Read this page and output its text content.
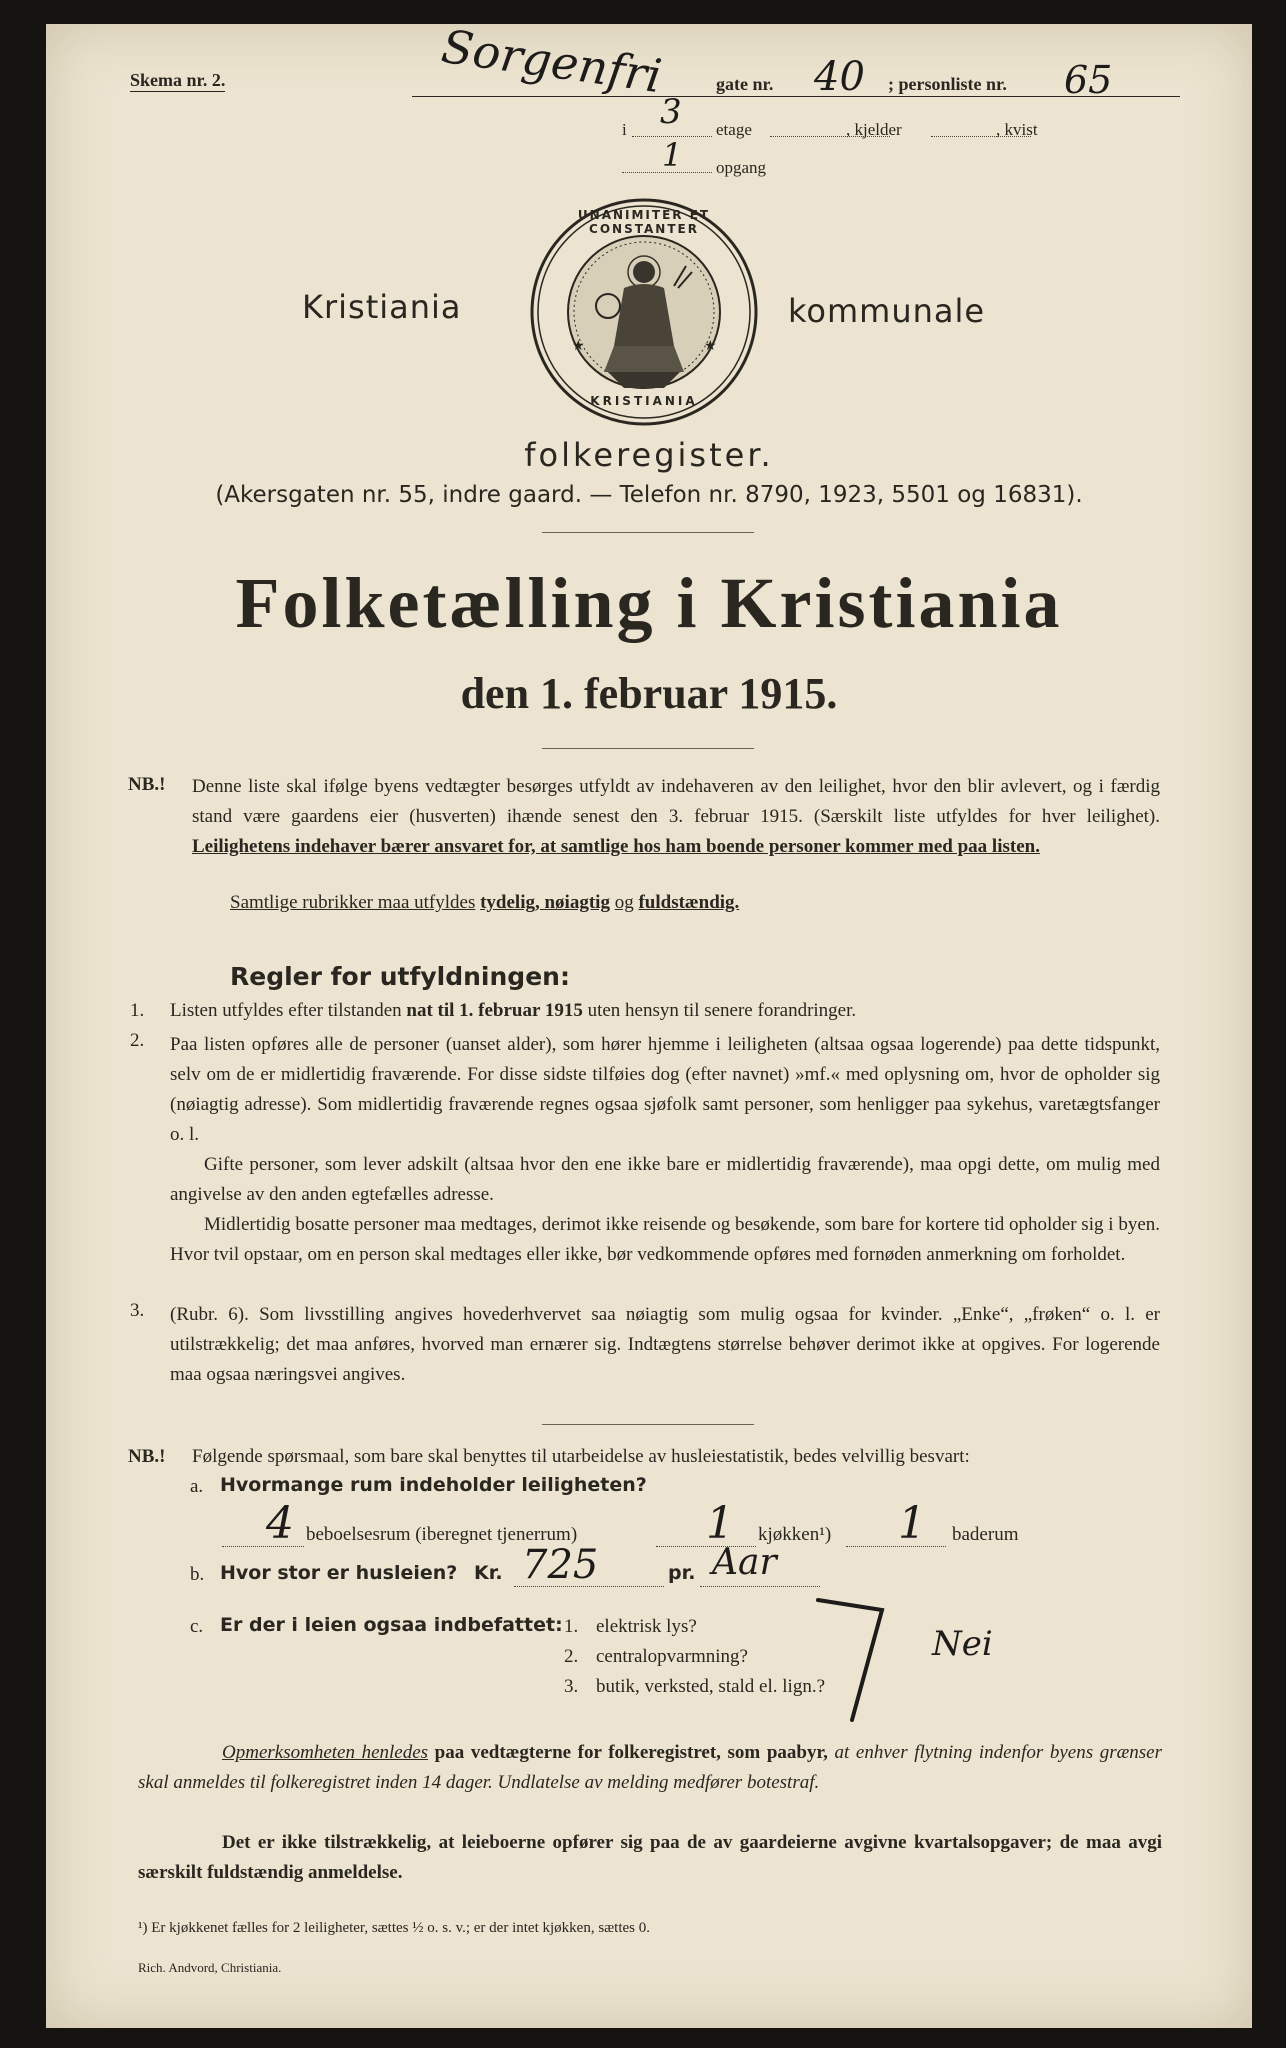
Skema nr. 2.	Sorgenfri	gate nr. 40 ; personliste nr. 65
i 3 etage	, kjelder	, kvist
1 opgang
Kristiania	kommunale
★	★
UNANIMITER ET CONSTANTER
KRISTIANIA
folkeregister.
(Akersgaten nr. 55, indre gaard. — Telefon nr. 8790, 1923, 5501 og 16831).
Folketælling i Kristiania
den 1. februar 1915.
NB.! Denne liste skal ifølge byens vedtægter besørges utfyldt av indehaveren av den leilighet, hvor den blir avlevert, og i færdig stand være gaardens eier (husverten) ihænde senest den 3. februar 1915. (Særskilt liste utfyldes for hver leilighet). Leilighetens indehaver bærer ansvaret for, at samtlige hos ham boende personer kommer med paa listen.
Samtlige rubrikker maa utfyldes tydelig, nøiagtig og fuldstændig.
Regler for utfyldningen:
1. Listen utfyldes efter tilstanden nat til 1. februar 1915 uten hensyn til senere forandringer.
2. Paa listen opføres alle de personer (uanset alder), som hører hjemme i leiligheten (altsaa ogsaa logerende) paa dette tidspunkt, selv om de er midlertidig fraværende. For disse sidste tilføies dog (efter navnet) »mf.« med oplysning om, hvor de opholder sig (nøiagtig adresse). Som midlertidig fraværende regnes ogsaa sjøfolk samt personer, som henligger paa sykehus, varetægtsfanger o. l.
Gifte personer, som lever adskilt (altsaa hvor den ene ikke bare er midlertidig fraværende), maa opgi dette, om mulig med angivelse av den anden egtefælles adresse.
Midlertidig bosatte personer maa medtages, derimot ikke reisende og besøkende, som bare for kortere tid opholder sig i byen. Hvor tvil opstaar, om en person skal medtages eller ikke, bør vedkommende opføres med fornøden anmerkning om forholdet.
3. (Rubr. 6). Som livsstilling angives hovederhvervet saa nøiagtig som mulig ogsaa for kvinder. „Enke“, „frøken“ o. l. er utilstrækkelig; det maa anføres, hvorved man ernærer sig. Indtægtens størrelse behøver derimot ikke at opgives. For logerende maa ogsaa næringsvei angives.
NB.! Følgende spørsmaal, som bare skal benyttes til utarbeidelse av husleiestatistik, bedes velvillig besvart:
a. Hvormange rum indeholder leiligheten?
4 beboelsesrum (iberegnet tjenerrum)	1 kjøkken¹) 1 baderum
b. Hvor stor er husleien? Kr. 725	pr. Aar
c. Er der i leien ogsaa indbefattet: 1. elektrisk lys?
2. centralopvarmning?
3. butik, verksted, stald el. lign.?
Nei
Opmerksomheten henledes paa vedtægterne for folkeregistret, som paabyr, at enhver flytning indenfor byens grænser skal anmeldes til folkeregistret inden 14 dager. Undlatelse av melding medfører botestraf.
Det er ikke tilstrækkelig, at leieboerne opfører sig paa de av gaardeierne avgivne kvartalsopgaver; de maa avgi særskilt fuldstændig anmeldelse.
¹) Er kjøkkenet fælles for 2 leiligheter, sættes ½ o. s. v.; er der intet kjøkken, sættes 0.
Rich. Andvord, Christiania.
